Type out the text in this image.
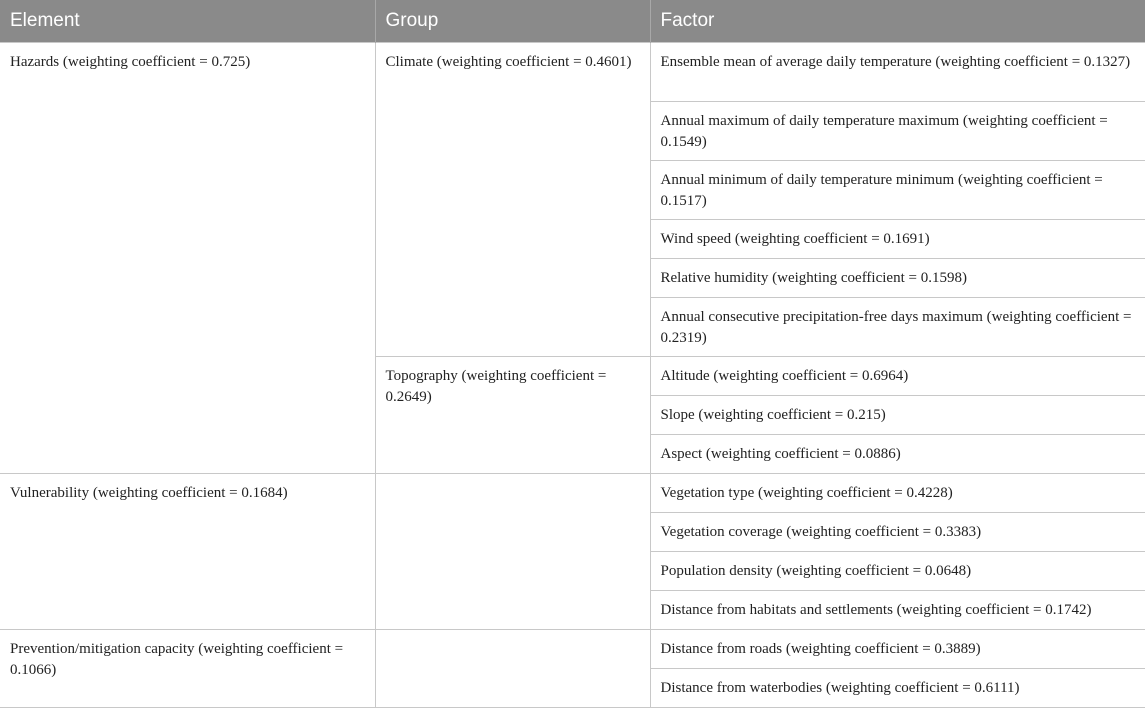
Element	Group	Factor
Hazards (weighting coefficient = 0.725)	Climate (weighting coefficient = 0.4601)	Ensemble mean of average daily temperature (weighting coefficient = 0.1327)
		Annual maximum of daily temperature maximum (weighting coefficient = 0.1549)
		Annual minimum of daily temperature minimum (weighting coefficient = 0.1517)
		Wind speed (weighting coefficient = 0.1691)
		Relative humidity (weighting coefficient = 0.1598)
		Annual consecutive precipitation-free days maximum (weighting coefficient = 0.2319)
	Topography (weighting coefficient = 0.2649)	Altitude (weighting coefficient = 0.6964)
		Slope (weighting coefficient = 0.215)
		Aspect (weighting coefficient = 0.0886)
Vulnerability (weighting coefficient = 0.1684)		Vegetation type (weighting coefficient = 0.4228)
		Vegetation coverage (weighting coefficient = 0.3383)
		Population density (weighting coefficient = 0.0648)
		Distance from habitats and settlements (weighting coefficient = 0.1742)
Prevention/mitigation capacity (weighting coefficient = 0.1066)		Distance from roads (weighting coefficient = 0.3889)
		Distance from waterbodies (weighting coefficient = 0.6111)
